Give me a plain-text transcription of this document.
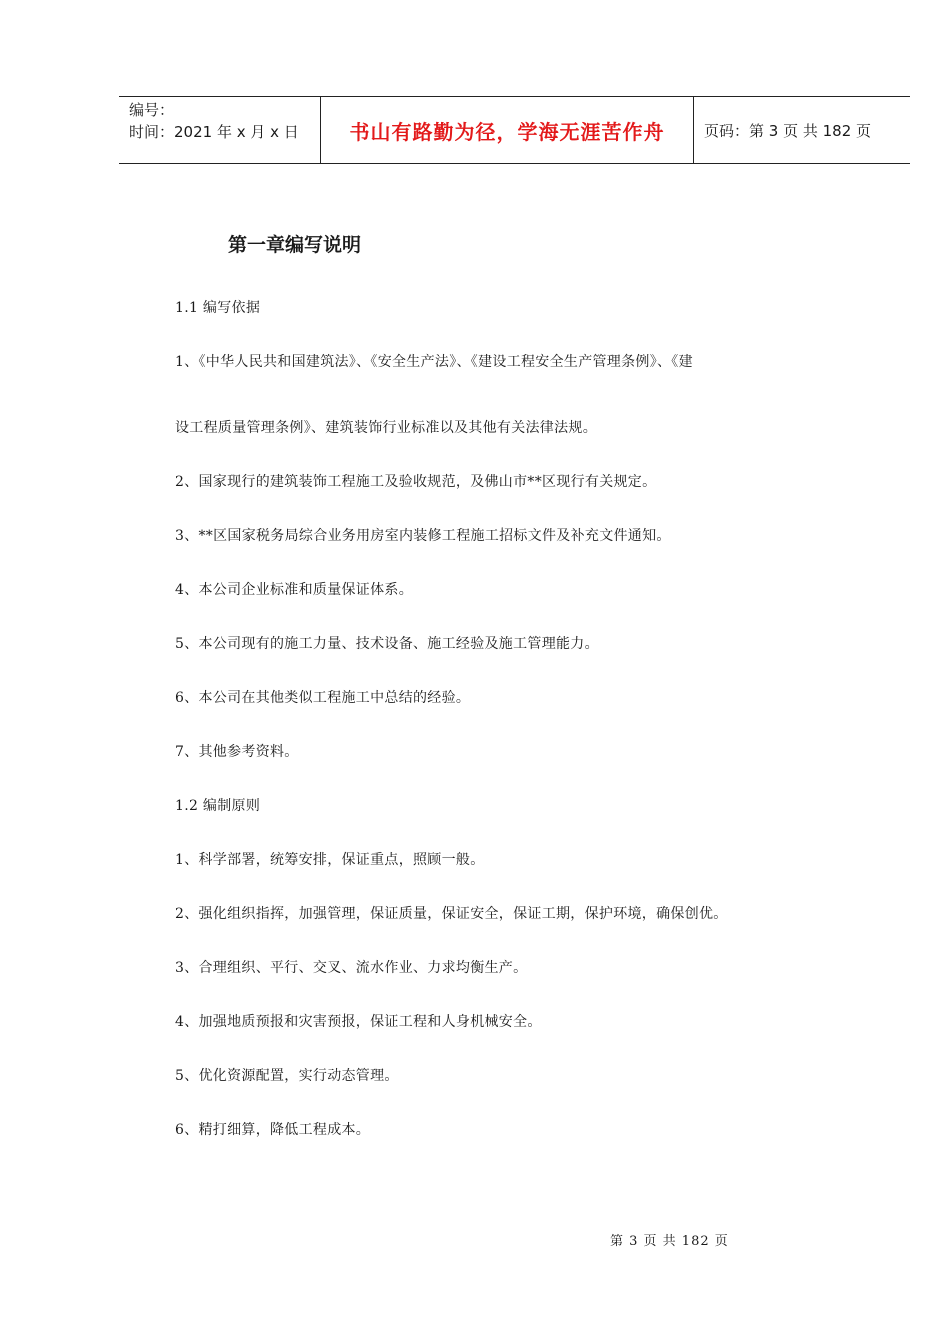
编号：
时间：2021 年 x 月 x 日	书山有路勤为径，学海无涯苦作舟	页码：第 3 页 共 182 页
第一章编写说明
1.1 编写依据
1、《中华人民共和国建筑法》、《安全生产法》、《建设工程安全生产管理条例》、《建
设工程质量管理条例》、建筑装饰行业标准以及其他有关法律法规。
2、国家现行的建筑装饰工程施工及验收规范，及佛山市**区现行有关规定。
3、**区国家税务局综合业务用房室内装修工程施工招标文件及补充文件通知。
4、本公司企业标准和质量保证体系。
5、本公司现有的施工力量、技术设备、施工经验及施工管理能力。
6、本公司在其他类似工程施工中总结的经验。
7、其他参考资料。
1.2 编制原则
1、科学部署，统筹安排，保证重点，照顾一般。
2、强化组织指挥，加强管理，保证质量，保证安全，保证工期，保护环境，确保创优。
3、合理组织、平行、交叉、流水作业、力求均衡生产。
4、加强地质预报和灾害预报，保证工程和人身机械安全。
5、优化资源配置，实行动态管理。
6、精打细算，降低工程成本。
第 3 页 共 182 页
